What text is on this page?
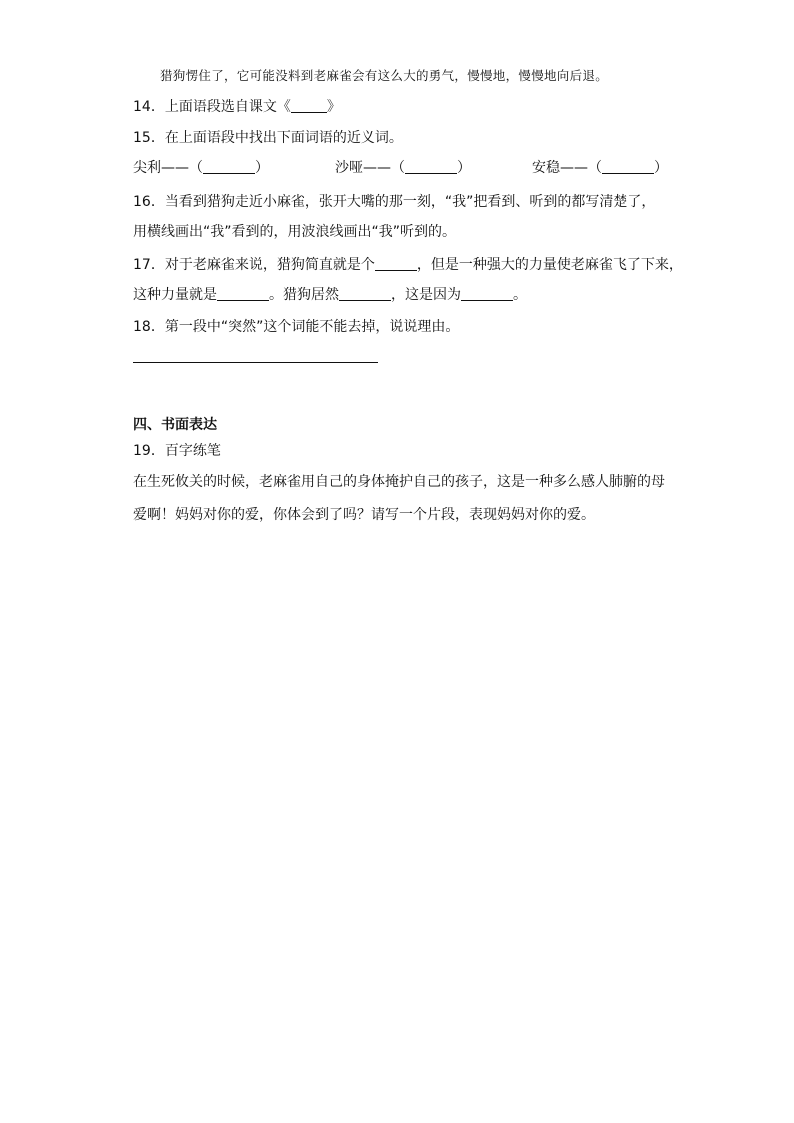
猎狗愣住了，它可能没料到老麻雀会有这么大的勇气，慢慢地，慢慢地向后退。
14．上面语段选自课文《	》
15．在上面语段中找出下面词语的近义词。
尖利——（	）	沙哑——（	）	安稳——（	）
16．当看到猎狗走近小麻雀，张开大嘴的那一刻，“我”把看到、听到的都写清楚了，
用横线画出“我”看到的，用波浪线画出“我”听到的。
17．对于老麻雀来说，猎狗简直就是个	，但是一种强大的力量使老麻雀飞了下来，
这种力量就是	。猎狗居然	，这是因为	。
18．第一段中“突然”这个词能不能去掉，说说理由。
四、书面表达
19．百字练笔
在生死攸关的时候，老麻雀用自己的身体掩护自己的孩子，这是一种多么感人肺腑的母
爱啊！妈妈对你的爱，你体会到了吗？请写一个片段，表现妈妈对你的爱。
